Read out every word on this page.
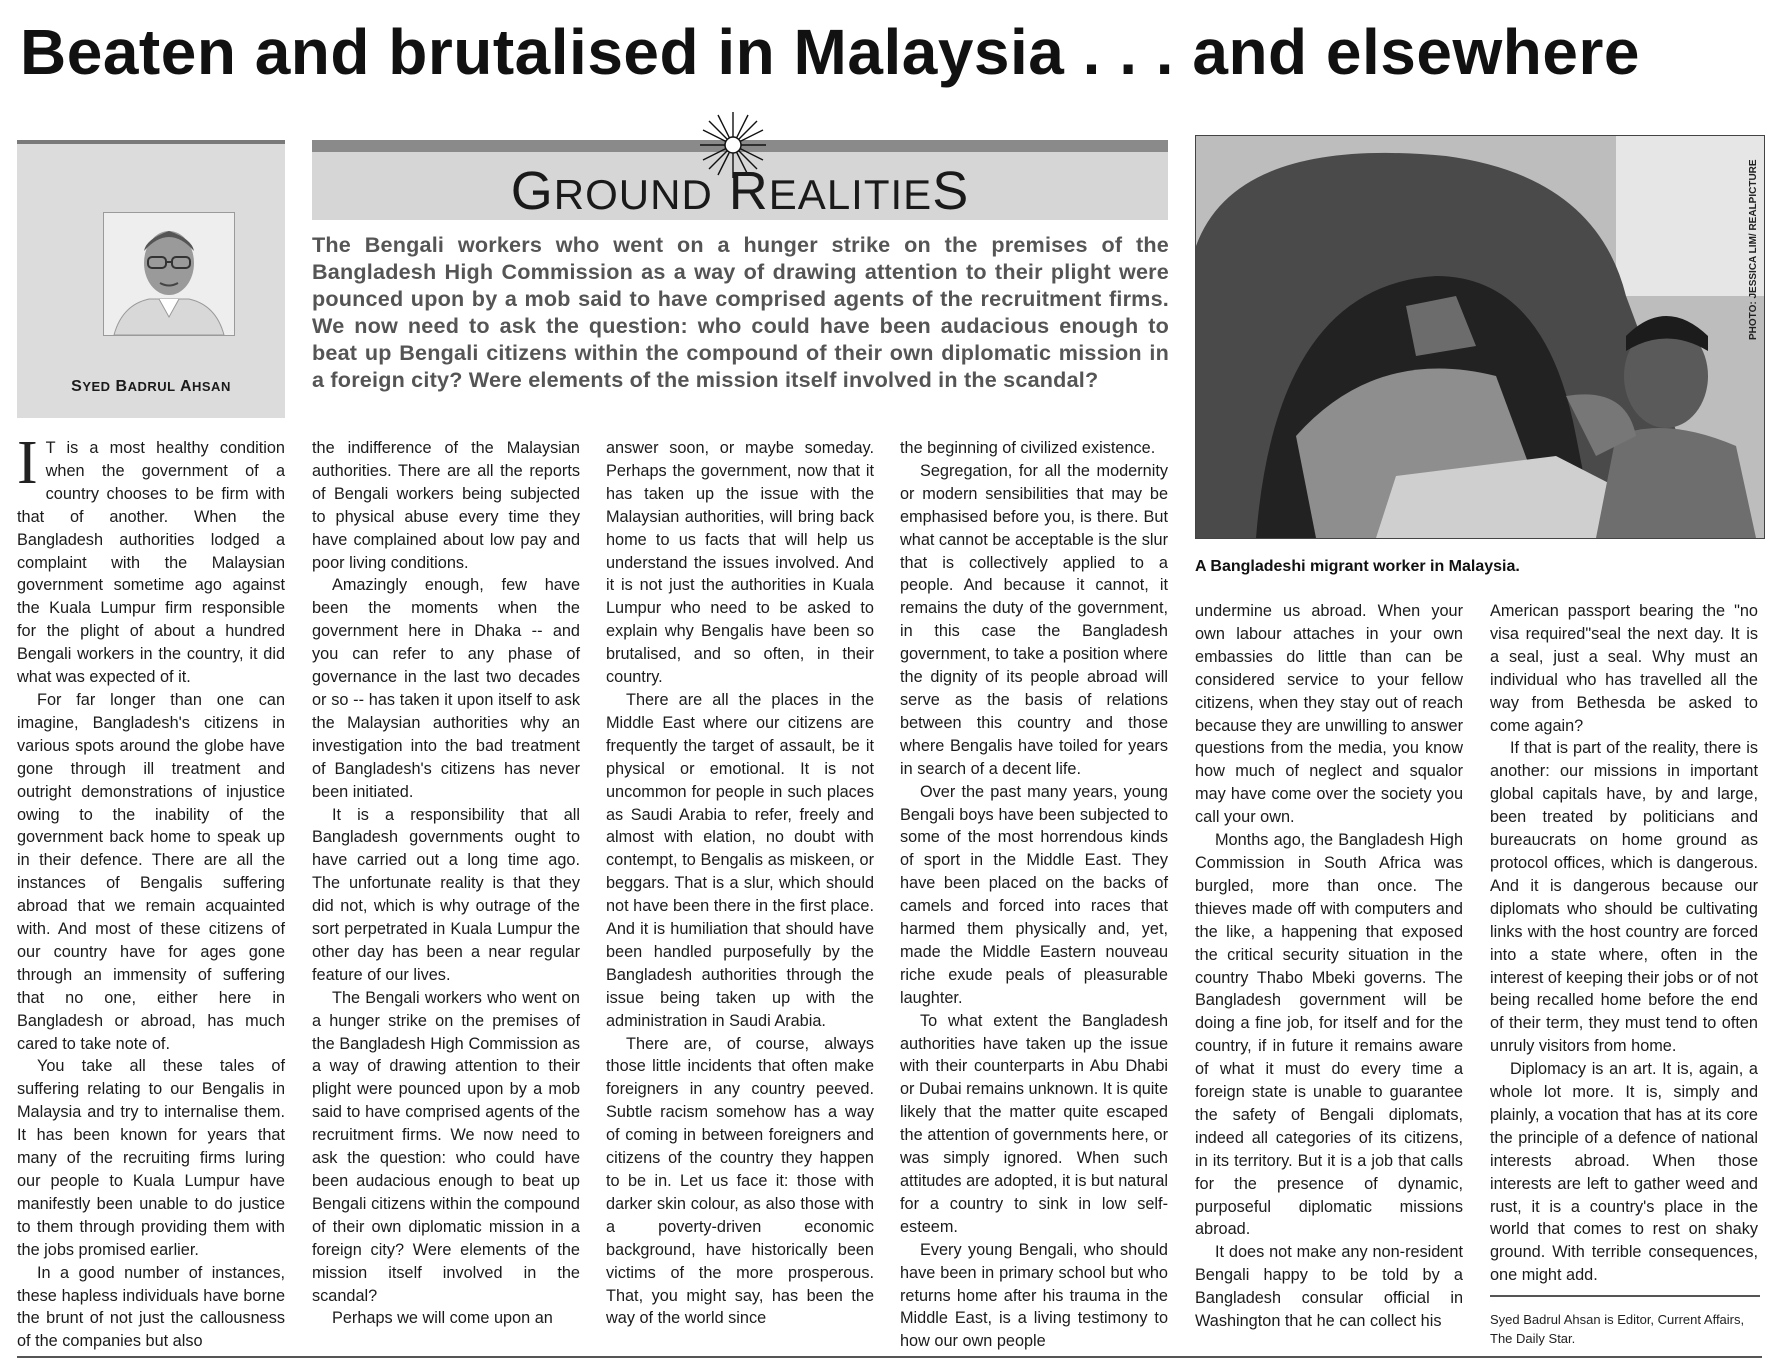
Beaten and brutalised in Malaysia . . . and elsewhere
SYED BADRUL AHSAN
GROUND REALITIES

The Bengali workers who went on a hunger strike on the premises of the Bangladesh High Commission as a way of drawing attention to their plight were pounced upon by a mob said to have comprised agents of the recruitment firms. We now need to ask the question: who could have been audacious enough to beat up Bengali citizens within the compound of their own diplomatic mission in a foreign city? Were elements of the mission itself involved in the scandal?

PHOTO: JESSICA LIM/ REALPICTURE
A Bangladeshi migrant worker in Malaysia.

I T is a most healthy condition when the government of a country chooses to be firm with that of another. When the Bangladesh authorities lodged a complaint with the Malaysian government sometime ago against the Kuala Lumpur firm responsible for the plight of about a hundred Bengali workers in the country, it did what was expected of it.

For far longer than one can imagine, Bangladesh's citizens in various spots around the globe have gone through ill treatment and outright demonstrations of injustice owing to the inability of the government back home to speak up in their defence. There are all the instances of Bengalis suffering abroad that we remain acquainted with. And most of these citizens of our country have for ages gone through an immensity of suffering that no one, either here in Bangladesh or abroad, has much cared to take note of.

You take all these tales of suffering relating to our Bengalis in Malaysia and try to internalise them. It has been known for years that many of the recruiting firms luring our people to Kuala Lumpur have manifestly been unable to do justice to them through providing them with the jobs promised earlier.

In a good number of instances, these hapless individuals have borne the brunt of not just the callousness of the companies but also

the indifference of the Malaysian authorities. There are all the reports of Bengali workers being subjected to physical abuse every time they have complained about low pay and poor living conditions.

Amazingly enough, few have been the moments when the government here in Dhaka -- and you can refer to any phase of governance in the last two decades or so -- has taken it upon itself to ask the Malaysian authorities why an investigation into the bad treatment of Bangladesh's citizens has never been initiated.

It is a responsibility that all Bangladesh governments ought to have carried out a long time ago. The unfortunate reality is that they did not, which is why outrage of the sort perpetrated in Kuala Lumpur the other day has been a near regular feature of our lives.

The Bengali workers who went on a hunger strike on the premises of the Bangladesh High Commission as a way of drawing attention to their plight were pounced upon by a mob said to have comprised agents of the recruitment firms. We now need to ask the question: who could have been audacious enough to beat up Bengali citizens within the compound of their own diplomatic mission in a foreign city? Were elements of the mission itself involved in the scandal?

Perhaps we will come upon an

answer soon, or maybe someday. Perhaps the government, now that it has taken up the issue with the Malaysian authorities, will bring back home to us facts that will help us understand the issues involved. And it is not just the authorities in Kuala Lumpur who need to be asked to explain why Bengalis have been so brutalised, and so often, in their country.

There are all the places in the Middle East where our citizens are frequently the target of assault, be it physical or emotional. It is not uncommon for people in such places as Saudi Arabia to refer, freely and almost with elation, no doubt with contempt, to Bengalis as miskeen, or beggars. That is a slur, which should not have been there in the first place. And it is humiliation that should have been handled purposefully by the Bangladesh authorities through the issue being taken up with the administration in Saudi Arabia.

There are, of course, always those little incidents that often make foreigners in any country peeved. Subtle racism somehow has a way of coming in between foreigners and citizens of the country they happen to be in. Let us face it: those with darker skin colour, as also those with a poverty-driven economic background, have historically been victims of the more prosperous. That, you might say, has been the way of the world since

the beginning of civilized existence.

Segregation, for all the modernity or modern sensibilities that may be emphasised before you, is there. But what cannot be acceptable is the slur that is collectively applied to a people. And because it cannot, it remains the duty of the government, in this case the Bangladesh government, to take a position where the dignity of its people abroad will serve as the basis of relations between this country and those where Bengalis have toiled for years in search of a decent life.

Over the past many years, young Bengali boys have been subjected to some of the most horrendous kinds of sport in the Middle East. They have been placed on the backs of camels and forced into races that harmed them physically and, yet, made the Middle Eastern nouveau riche exude peals of pleasurable laughter.

To what extent the Bangladesh authorities have taken up the issue with their counterparts in Abu Dhabi or Dubai remains unknown. It is quite likely that the matter quite escaped the attention of governments here, or was simply ignored. When such attitudes are adopted, it is but natural for a country to sink in low self-esteem.

Every young Bengali, who should have been in primary school but who returns home after his trauma in the Middle East, is a living testimony to how our own people

undermine us abroad. When your own labour attaches in your own embassies do little than can be considered service to your fellow citizens, when they stay out of reach because they are unwilling to answer questions from the media, you know how much of neglect and squalor may have come over the society you call your own.

Months ago, the Bangladesh High Commission in South Africa was burgled, more than once. The thieves made off with computers and the like, a happening that exposed the critical security situation in the country Thabo Mbeki governs. The Bangladesh government will be doing a fine job, for itself and for the country, if in future it remains aware of what it must do every time a foreign state is unable to guarantee the safety of Bengali diplomats, indeed all categories of its citizens, in its territory. But it is a job that calls for the presence of dynamic, purposeful diplomatic missions abroad.

It does not make any non-resident Bengali happy to be told by a Bangladesh consular official in Washington that he can collect his

American passport bearing the "no visa required"seal the next day. It is a seal, just a seal. Why must an individual who has travelled all the way from Bethesda be asked to come again?

If that is part of the reality, there is another: our missions in important global capitals have, by and large, been treated by politicians and bureaucrats on home ground as protocol offices, which is dangerous. And it is dangerous because our diplomats who should be cultivating links with the host country are forced into a state where, often in the interest of keeping their jobs or of not being recalled home before the end of their term, they must tend to often unruly visitors from home.

Diplomacy is an art. It is, again, a whole lot more. It is, simply and plainly, a vocation that has at its core the principle of a defence of national interests abroad. When those interests are left to gather weed and rust, it is a country's place in the world that comes to rest on shaky ground. With terrible consequences, one might add.

Syed Badrul Ahsan is Editor, Current Affairs, The Daily Star.
